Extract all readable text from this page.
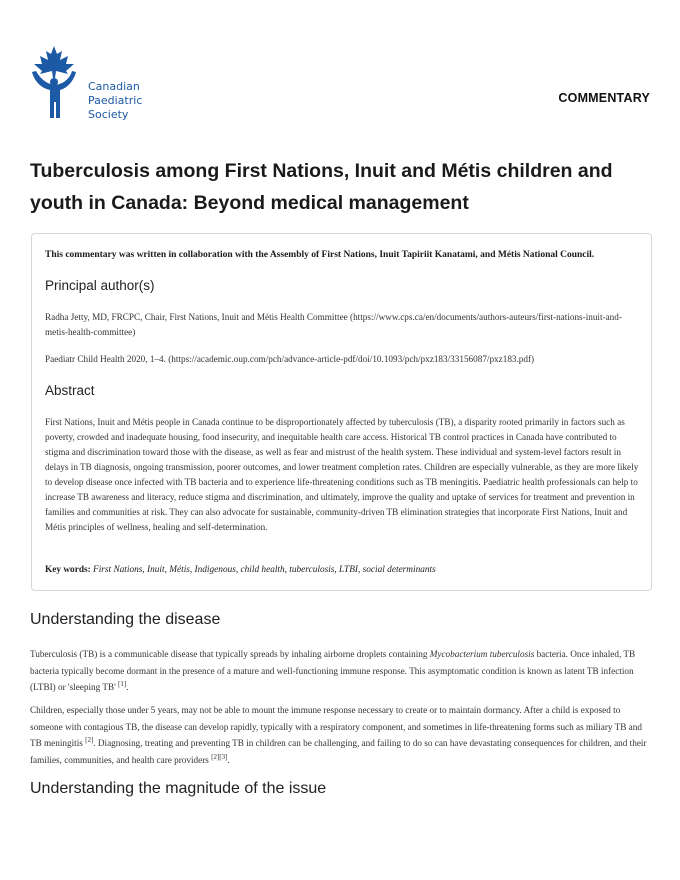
Canadian
Paediatric
Society
COMMENTARY
Tuberculosis among First Nations, Inuit and Métis children and youth in Canada: Beyond medical management
This commentary was written in collaboration with the Assembly of First Nations, Inuit Tapiriit Kanatami, and Métis National Council.
Principal author(s)
Radha Jetty, MD, FRCPC, Chair, First Nations, Inuit and Métis Health Committee (https://www.cps.ca/en/documents/authors-auteurs/first-nations-inuit-and-metis-health-committee)
Paediatr Child Health 2020, 1–4. (https://academic.oup.com/pch/advance-article-pdf/doi/10.1093/pch/pxz183/33156087/pxz183.pdf)
Abstract
First Nations, Inuit and Métis people in Canada continue to be disproportionately affected by tuberculosis (TB), a disparity rooted primarily in factors such as poverty, crowded and inadequate housing, food insecurity, and inequitable health care access. Historical TB control practices in Canada have contributed to stigma and discrimination toward those with the disease, as well as fear and mistrust of the health system. These individual and system-level factors result in delays in TB diagnosis, ongoing transmission, poorer outcomes, and lower treatment completion rates. Children are especially vulnerable, as they are more likely to develop disease once infected with TB bacteria and to experience life-threatening conditions such as TB meningitis. Paediatric health professionals can help to increase TB awareness and literacy, reduce stigma and discrimination, and ultimately, improve the quality and uptake of services for treatment and prevention in families and communities at risk. They can also advocate for sustainable, community-driven TB elimination strategies that incorporate First Nations, Inuit and Métis principles of wellness, healing and self-determination.
Key words: First Nations, Inuit, Métis, Indigenous, child health, tuberculosis, LTBI, social determinants
Understanding the disease
Tuberculosis (TB) is a communicable disease that typically spreads by inhaling airborne droplets containing Mycobacterium tuberculosis bacteria. Once inhaled, TB bacteria typically become dormant in the presence of a mature and well-functioning immune response. This asymptomatic condition is known as latent TB infection (LTBI) or 'sleeping TB' [1].
Children, especially those under 5 years, may not be able to mount the immune response necessary to create or to maintain dormancy. After a child is exposed to someone with contagious TB, the disease can develop rapidly, typically with a respiratory component, and sometimes in life-threatening forms such as miliary TB and TB meningitis [2]. Diagnosing, treating and preventing TB in children can be challenging, and failing to do so can have devastating consequences for children, and their families, communities, and health care providers [2][3].
Understanding the magnitude of the issue
